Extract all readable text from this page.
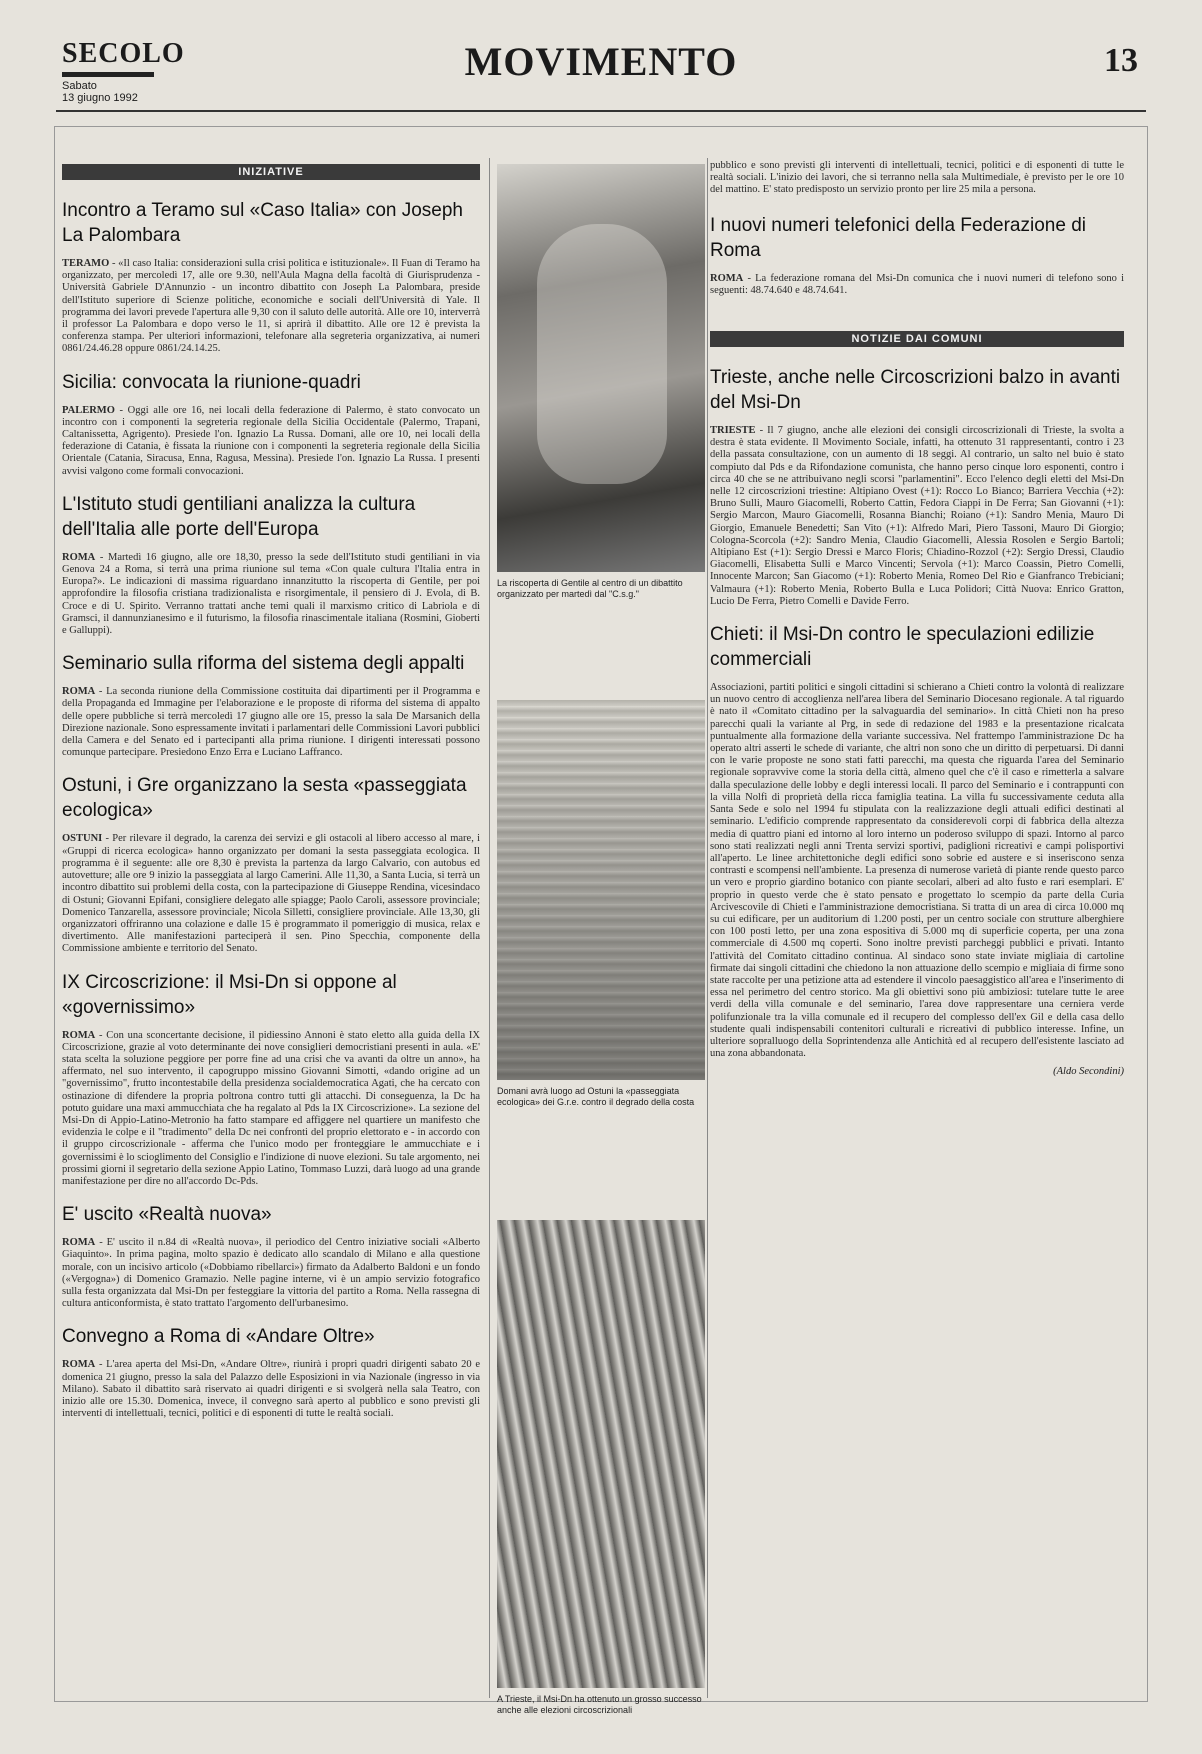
SECOLO
Sabato
13 giugno 1992
MOVIMENTO	13
INIZIATIVE
Incontro a Teramo sul «Caso Italia» con Joseph La Palombara

TERAMO - «Il caso Italia: considerazioni sulla crisi politica e istituzionale». Il Fuan di Teramo ha organizzato, per mercoledì 17, alle ore 9.30, nell'Aula Magna della facoltà di Giurisprudenza - Università Gabriele D'Annunzio - un incontro dibattito con Joseph La Palombara, preside dell'Istituto superiore di Scienze politiche, economiche e sociali dell'Università di Yale. Il programma dei lavori prevede l'apertura alle 9,30 con il saluto delle autorità. Alle ore 10, interverrà il professor La Palombara e dopo verso le 11, si aprirà il dibattito. Alle ore 12 è prevista la conferenza stampa. Per ulteriori informazioni, telefonare alla segreteria organizzativa, ai numeri 0861/24.46.28 oppure 0861/24.14.25.

Sicilia: convocata la riunione-quadri

PALERMO - Oggi alle ore 16, nei locali della federazione di Palermo, è stato convocato un incontro con i componenti la segreteria regionale della Sicilia Occidentale (Palermo, Trapani, Caltanissetta, Agrigento). Presiede l'on. Ignazio La Russa. Domani, alle ore 10, nei locali della federazione di Catania, è fissata la riunione con i componenti la segreteria regionale della Sicilia Orientale (Catania, Siracusa, Enna, Ragusa, Messina). Presiede l'on. Ignazio La Russa. I presenti avvisi valgono come formali convocazioni.

L'Istituto studi gentiliani analizza la cultura dell'Italia alle porte dell'Europa

ROMA - Martedì 16 giugno, alle ore 18,30, presso la sede dell'Istituto studi gentiliani in via Genova 24 a Roma, si terrà una prima riunione sul tema «Con quale cultura l'Italia entra in Europa?». Le indicazioni di massima riguardano innanzitutto la riscoperta di Gentile, per poi approfondire la filosofia cristiana tradizionalista e risorgimentale, il pensiero di J. Evola, di B. Croce e di U. Spirito. Verranno trattati anche temi quali il marxismo critico di Labriola e di Gramsci, il dannunzianesimo e il futurismo, la filosofia rinascimentale italiana (Rosmini, Gioberti e Galluppi).

Seminario sulla riforma del sistema degli appalti

ROMA - La seconda riunione della Commissione costituita dai dipartimenti per il Programma e della Propaganda ed Immagine per l'elaborazione e le proposte di riforma del sistema di appalto delle opere pubbliche si terrà mercoledì 17 giugno alle ore 15, presso la sala De Marsanich della Direzione nazionale. Sono espressamente invitati i parlamentari delle Commissioni Lavori pubblici della Camera e del Senato ed i partecipanti alla prima riunione. I dirigenti interessati possono comunque partecipare. Presiedono Enzo Erra e Luciano Laffranco.

Ostuni, i Gre organizzano la sesta «passeggiata ecologica»

OSTUNI - Per rilevare il degrado, la carenza dei servizi e gli ostacoli al libero accesso al mare, i «Gruppi di ricerca ecologica» hanno organizzato per domani la sesta passeggiata ecologica. Il programma è il seguente: alle ore 8,30 è prevista la partenza da largo Calvario, con autobus ed autovetture; alle ore 9 inizio la passeggiata al largo Camerini. Alle 11,30, a Santa Lucia, si terrà un incontro dibattito sui problemi della costa, con la partecipazione di Giuseppe Rendina, vicesindaco di Ostuni; Giovanni Epifani, consigliere delegato alle spiagge; Paolo Caroli, assessore provinciale; Domenico Tanzarella, assessore provinciale; Nicola Silletti, consigliere provinciale. Alle 13,30, gli organizzatori offriranno una colazione e dalle 15 è programmato il pomeriggio di musica, relax e divertimento. Alle manifestazioni parteciperà il sen. Pino Specchia, componente della Commissione ambiente e territorio del Senato.

IX Circoscrizione: il Msi-Dn si oppone al «governissimo»

ROMA - Con una sconcertante decisione, il pidiessino Annoni è stato eletto alla guida della IX Circoscrizione, grazie al voto determinante dei nove consiglieri democristiani presenti in aula. «E' stata scelta la soluzione peggiore per porre fine ad una crisi che va avanti da oltre un anno», ha affermato, nel suo intervento, il capogruppo missino Giovanni Simotti, «dando origine ad un "governissimo", frutto incontestabile della presidenza socialdemocratica Agati, che ha cercato con ostinazione di difendere la propria poltrona contro tutti gli attacchi. Di conseguenza, la Dc ha potuto guidare una maxi ammucchiata che ha regalato al Pds la IX Circoscrizione». La sezione del Msi-Dn di Appio-Latino-Metronio ha fatto stampare ed affiggere nel quartiere un manifesto che evidenzia le colpe e il "tradimento" della Dc nei confronti del proprio elettorato e - in accordo con il gruppo circoscrizionale - afferma che l'unico modo per fronteggiare le ammucchiate e i governissimi è lo scioglimento del Consiglio e l'indizione di nuove elezioni. Su tale argomento, nei prossimi giorni il segretario della sezione Appio Latino, Tommaso Luzzi, darà luogo ad una grande manifestazione per dire no all'accordo Dc-Pds.

E' uscito «Realtà nuova»

ROMA - E' uscito il n.84 di «Realtà nuova», il periodico del Centro iniziative sociali «Alberto Giaquinto». In prima pagina, molto spazio è dedicato allo scandalo di Milano e alla questione morale, con un incisivo articolo («Dobbiamo ribellarci») firmato da Adalberto Baldoni e un fondo («Vergogna») di Domenico Gramazio. Nelle pagine interne, vi è un ampio servizio fotografico sulla festa organizzata dal Msi-Dn per festeggiare la vittoria del partito a Roma. Nella rassegna di cultura anticonformista, è stato trattato l'argomento dell'urbanesimo.

Convegno a Roma di «Andare Oltre»

ROMA - L'area aperta del Msi-Dn, «Andare Oltre», riunirà i propri quadri dirigenti sabato 20 e domenica 21 giugno, presso la sala del Palazzo delle Esposizioni in via Nazionale (ingresso in via Milano). Sabato il dibattito sarà riservato ai quadri dirigenti e si svolgerà nella sala Teatro, con inizio alle ore 15.30. Domenica, invece, il convegno sarà aperto al pubblico e sono previsti gli interventi di intellettuali, tecnici, politici e di esponenti di tutte le realtà sociali.

La riscoperta di Gentile al centro di un dibattito organizzato per martedì dal "C.s.g."
Domani avrà luogo ad Ostuni la «passeggiata ecologica» dei G.r.e. contro il degrado della costa
A Trieste, il Msi-Dn ha ottenuto un grosso successo anche alle elezioni circoscrizionali

pubblico e sono previsti gli interventi di intellettuali, tecnici, politici e di esponenti di tutte le realtà sociali. L'inizio dei lavori, che si terranno nella sala Multimediale, è previsto per le ore 10 del mattino. E' stato predisposto un servizio pronto per lire 25 mila a persona.

I nuovi numeri telefonici della Federazione di Roma

ROMA - La federazione romana del Msi-Dn comunica che i nuovi numeri di telefono sono i seguenti: 48.74.640 e 48.74.641.

NOTIZIE DAI COMUNI
Trieste, anche nelle Circoscrizioni balzo in avanti del Msi-Dn

TRIESTE - Il 7 giugno, anche alle elezioni dei consigli circoscrizionali di Trieste, la svolta a destra è stata evidente. Il Movimento Sociale, infatti, ha ottenuto 31 rappresentanti, contro i 23 della passata consultazione, con un aumento di 18 seggi. Al contrario, un salto nel buio è stato compiuto dal Pds e da Rifondazione comunista, che hanno perso cinque loro esponenti, contro i circa 40 che se ne attribuivano negli scorsi "parlamentini". Ecco l'elenco degli eletti del Msi-Dn nelle 12 circoscrizioni triestine: Altipiano Ovest (+1): Rocco Lo Bianco; Barriera Vecchia (+2): Bruno Sulli, Mauro Giacomelli, Roberto Cattin, Fedora Ciappi in De Ferra; San Giovanni (+1): Sergio Marcon, Mauro Giacomelli, Rosanna Bianchi; Roiano (+1): Sandro Menia, Mauro Di Giorgio, Emanuele Benedetti; San Vito (+1): Alfredo Mari, Piero Tassoni, Mauro Di Giorgio; Cologna-Scorcola (+2): Sandro Menia, Claudio Giacomelli, Alessia Rosolen e Sergio Bartoli; Altipiano Est (+1): Sergio Dressi e Marco Floris; Chiadino-Rozzol (+2): Sergio Dressi, Claudio Giacomelli, Elisabetta Sulli e Marco Vincenti; Servola (+1): Marco Coassin, Pietro Comelli, Innocente Marcon; San Giacomo (+1): Roberto Menia, Romeo Del Rio e Gianfranco Trebiciani; Valmaura (+1): Roberto Menia, Roberto Bulla e Luca Polidori; Città Nuova: Enrico Gratton, Lucio De Ferra, Pietro Comelli e Davide Ferro.

Chieti: il Msi-Dn contro le speculazioni edilizie commerciali

Associazioni, partiti politici e singoli cittadini si schierano a Chieti contro la volontà di realizzare un nuovo centro di accoglienza nell'area libera del Seminario Diocesano regionale. A tal riguardo è nato il «Comitato cittadino per la salvaguardia del seminario». In città Chieti non ha preso parecchi quali la variante al Prg, in sede di redazione del 1983 e la presentazione ricalcata puntualmente alla formazione della variante successiva. Nel frattempo l'amministrazione Dc ha operato altri asserti le schede di variante, che altri non sono che un diritto di perpetuarsi. Di danni con le varie proposte ne sono stati fatti parecchi, ma questa che riguarda l'area del Seminario regionale sopravvive come la storia della città, almeno quel che c'è il caso e rimetterla a salvare dalla speculazione delle lobby e degli interessi locali. Il parco del Seminario e i contrappunti con la villa Nolfi di proprietà della ricca famiglia teatina. La villa fu successivamente ceduta alla Santa Sede e solo nel 1994 fu stipulata con la realizzazione degli attuali edifici destinati al seminario. L'edificio comprende rappresentato da considerevoli corpi di fabbrica della altezza media di quattro piani ed intorno al loro interno un poderoso sviluppo di spazi. Intorno al parco sono stati realizzati negli anni Trenta servizi sportivi, padiglioni ricreativi e campi polisportivi all'aperto. Le linee architettoniche degli edifici sono sobrie ed austere e si inseriscono senza contrasti e scompensi nell'ambiente. La presenza di numerose varietà di piante rende questo parco un vero e proprio giardino botanico con piante secolari, alberi ad alto fusto e rari esemplari. E' proprio in questo verde che è stato pensato e progettato lo scempio da parte della Curia Arcivescovile di Chieti e l'amministrazione democristiana. Si tratta di un area di circa 10.000 mq su cui edificare, per un auditorium di 1.200 posti, per un centro sociale con strutture alberghiere con 100 posti letto, per una zona espositiva di 5.000 mq di superficie coperta, per una zona commerciale di 4.500 mq coperti. Sono inoltre previsti parcheggi pubblici e privati. Intanto l'attività del Comitato cittadino continua. Al sindaco sono state inviate migliaia di cartoline firmate dai singoli cittadini che chiedono la non attuazione dello scempio e migliaia di firme sono state raccolte per una petizione atta ad estendere il vincolo paesaggistico all'area e l'inserimento di essa nel perimetro del centro storico. Ma gli obiettivi sono più ambiziosi: tutelare tutte le aree verdi della villa comunale e del seminario, l'area dove rappresentare una cerniera verde polifunzionale tra la villa comunale ed il recupero del complesso dell'ex Gil e della casa dello studente quali indispensabili contenitori culturali e ricreativi di pubblico interesse. Infine, un ulteriore sopralluogo della Soprintendenza alle Antichità ed al recupero dell'esistente lasciato ad una zona abbandonata.

(Aldo Secondini)
